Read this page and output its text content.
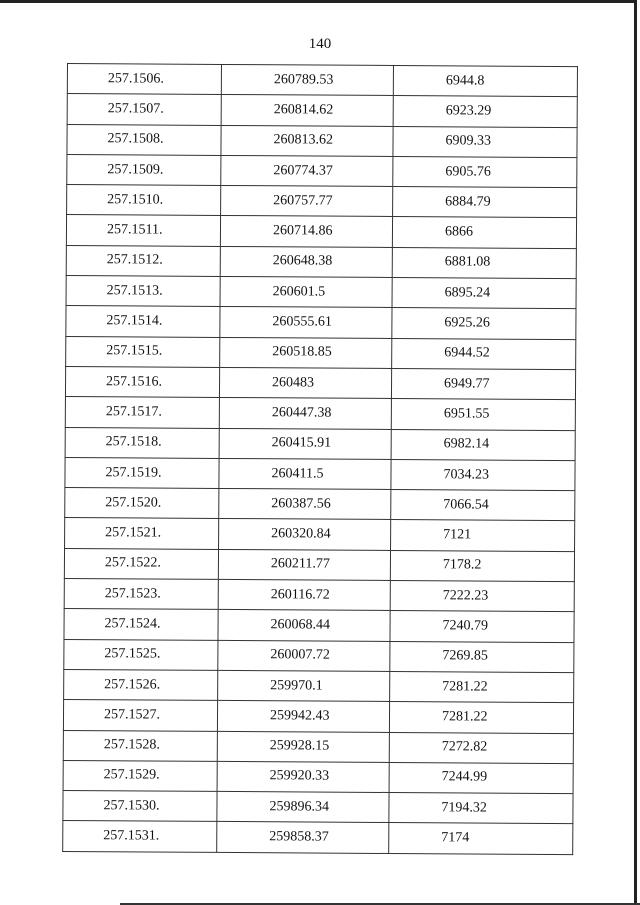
140
257.1506.	260789.53	6944.8
257.1507.	260814.62	6923.29
257.1508.	260813.62	6909.33
257.1509.	260774.37	6905.76
257.1510.	260757.77	6884.79
257.1511.	260714.86	6866
257.1512.	260648.38	6881.08
257.1513.	260601.5	6895.24
257.1514.	260555.61	6925.26
257.1515.	260518.85	6944.52
257.1516.	260483	6949.77
257.1517.	260447.38	6951.55
257.1518.	260415.91	6982.14
257.1519.	260411.5	7034.23
257.1520.	260387.56	7066.54
257.1521.	260320.84	7121
257.1522.	260211.77	7178.2
257.1523.	260116.72	7222.23
257.1524.	260068.44	7240.79
257.1525.	260007.72	7269.85
257.1526.	259970.1	7281.22
257.1527.	259942.43	7281.22
257.1528.	259928.15	7272.82
257.1529.	259920.33	7244.99
257.1530.	259896.34	7194.32
257.1531.	259858.37	7174
